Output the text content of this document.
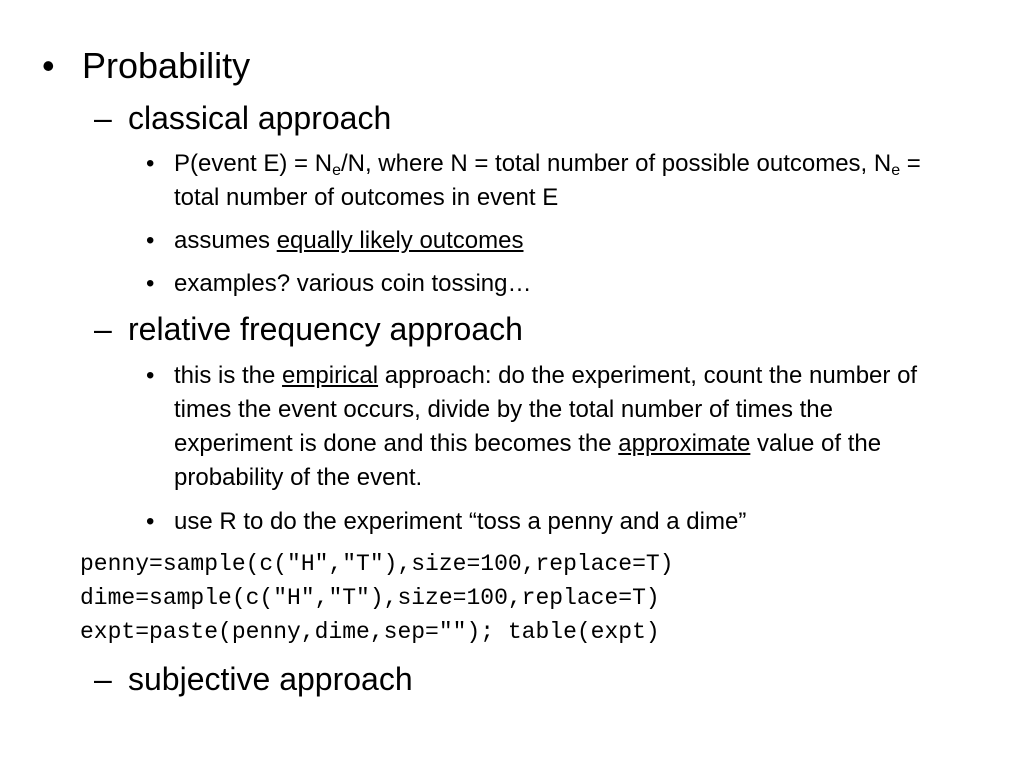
• Probability
– classical approach
• P(event $E) = N_e/N$, where N = total number of possible outcomes, $N_e$ = total number of outcomes in event E
• assumes equally likely outcomes
• examples? various coin tossing…
– relative frequency approach
• this is the empirical approach: do the experiment, count the number of times the event occurs, divide by the total number of times the experiment is done and this becomes the approximate value of the probability of the event.
• use R to do the experiment “toss a penny and a dime”
penny=sample(c("H","T"),size=100,replace=T)
dime=sample(c("H","T"),size=100,replace=T)
expt=paste(penny,dime,sep=""); table(expt)
– subjective approach
